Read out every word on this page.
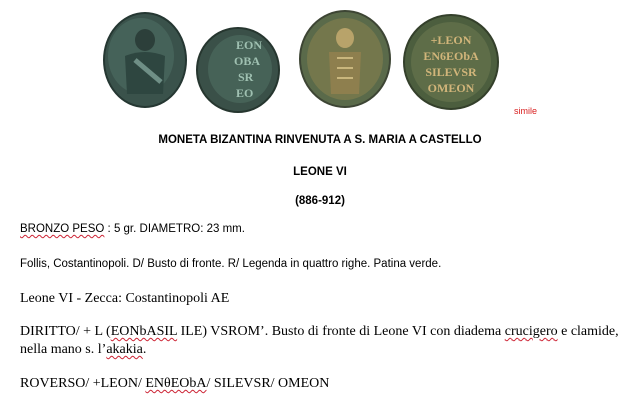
EON
OBA
SR
EO
+LEON
EN6EObA
SILEVSR
OMEON
simile
MONETA BIZANTINA RINVENUTA A S. MARIA A CASTELLO
LEONE VI
(886-912)
BRONZO PESO : 5 gr. DIAMETRO: 23 mm.
Follis, Costantinopoli. D/ Busto di fronte. R/ Legenda in quattro righe. Patina verde.
Leone VI - Zecca: Costantinopoli AE
DIRITTO/ + L (EONbASIL ILE) VSROM’. Busto di fronte di Leone VI con diadema crucigero e clamide, nella mano s. l’akakia.
ROVERSO/ +LEON/ ENθEObA/ SILEVSR/ OMEON
